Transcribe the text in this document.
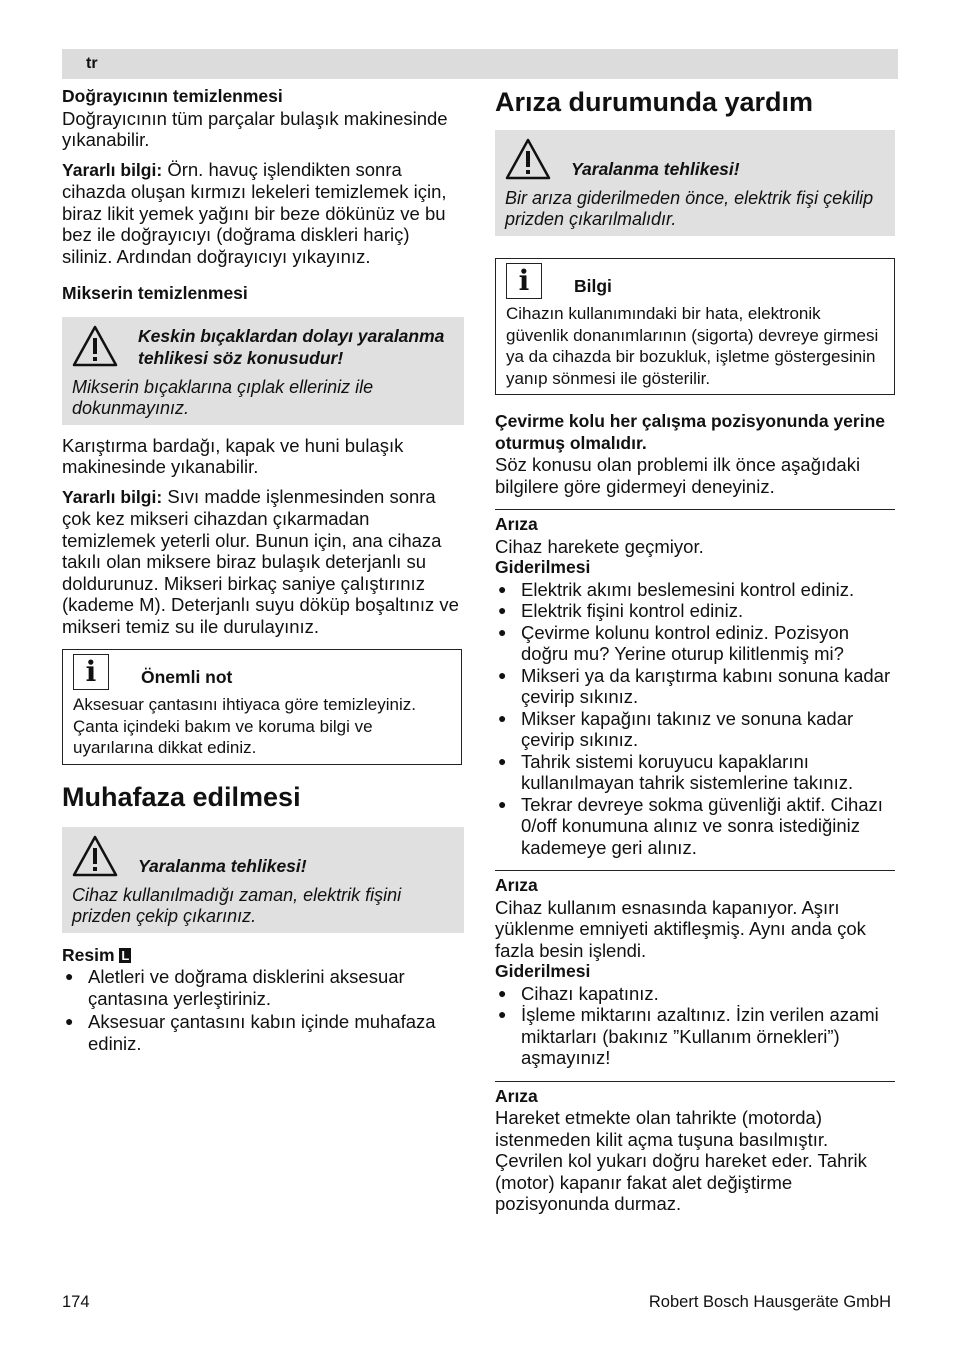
tr

Doğrayıcının temizlenmesi

Doğrayıcının tüm parçalar bulaşık makinesinde yıkanabilir.

Yararlı bilgi: Örn. havuç işlendikten sonra cihazda oluşan kırmızı lekeleri temizlemek için, biraz likit yemek yağını bir beze dökünüz ve bu bez ile doğrayıcıyı (doğrama diskleri hariç) siliniz. Ardından doğrayıcıyı yıkayınız.

Mikserin temizlenmesi

Keskin bıçaklardan dolayı yaralanma tehlikesi söz konusudur!
Mikserin bıçaklarına çıplak elleriniz ile dokunmayınız.

Karıştırma bardağı, kapak ve huni bulaşık makinesinde yıkanabilir.

Yararlı bilgi: Sıvı madde işlenmesinden sonra çok kez mikseri cihazdan çıkarmadan temizlemek yeterli olur. Bunun için, ana cihaza takılı olan miksere biraz bulaşık deterjanlı su doldurunuz. Mikseri birkaç saniye çalıştırınız (kademe M). Deterjanlı suyu döküp boşaltınız ve mikseri temiz su ile durulayınız.

i	Önemli not
Aksesuar çantasını ihtiyaca göre temizleyiniz. Çanta içindeki bakım ve koruma bilgi ve uyarılarına dikkat ediniz.
Muhafaza edilmesi
Yaralanma tehlikesi!
Cihaz kullanılmadığı zaman, elektrik fişini prizden çekip çıkarınız.

Resim L

● Aletleri ve doğrama disklerini aksesuar çantasına yerleştiriniz.
● Aksesuar çantasını kabın içinde muhafaza ediniz.
Arıza durumunda yardım
Yaralanma tehlikesi!
Bir arıza giderilmeden önce, elektrik fişi çekilip prizden çıkarılmalıdır.
i	Bilgi
Cihazın kullanımındaki bir hata, elektronik güvenlik donanımlarının (sigorta) devreye girmesi ya da cihazda bir bozukluk, işletme göstergesinin yanıp sönmesi ile gösterilir.

Çevirme kolu her çalışma pozisyonunda yerine oturmuş olmalıdır.

Söz konusu olan problemi ilk önce aşağıdaki bilgilere göre gidermeyi deneyiniz.

Arıza

Cihaz harekete geçmiyor.

Giderilmesi

● Elektrik akımı beslemesini kontrol ediniz.
● Elektrik fişini kontrol ediniz.
● Çevirme kolunu kontrol ediniz. Pozisyon doğru mu? Yerine oturup kilitlenmiş mi?
● Mikseri ya da karıştırma kabını sonuna kadar çevirip sıkınız.
● Mikser kapağını takınız ve sonuna kadar çevirip sıkınız.
● Tahrik sistemi koruyucu kapaklarını kullanılmayan tahrik sistemlerine takınız.
● Tekrar devreye sokma güvenliği aktif. Cihazı 0/off konumuna alınız ve sonra istediğiniz kademeye geri alınız.

Arıza

Cihaz kullanım esnasında kapanıyor. Aşırı yüklenme emniyeti aktifleşmiş. Aynı anda çok fazla besin işlendi.

Giderilmesi

● Cihazı kapatınız.
● İşleme miktarını azaltınız. İzin verilen azami miktarları (bakınız ”Kullanım örnekleri”) aşmayınız!

Arıza

Hareket etmekte olan tahrikte (motorda) istenmeden kilit açma tuşuna basılmıştır. Çevrilen kol yukarı doğru hareket eder. Tahrik (motor) kapanır fakat alet değiştirme pozisyonunda durmaz.

174	Robert Bosch Hausgeräte GmbH
